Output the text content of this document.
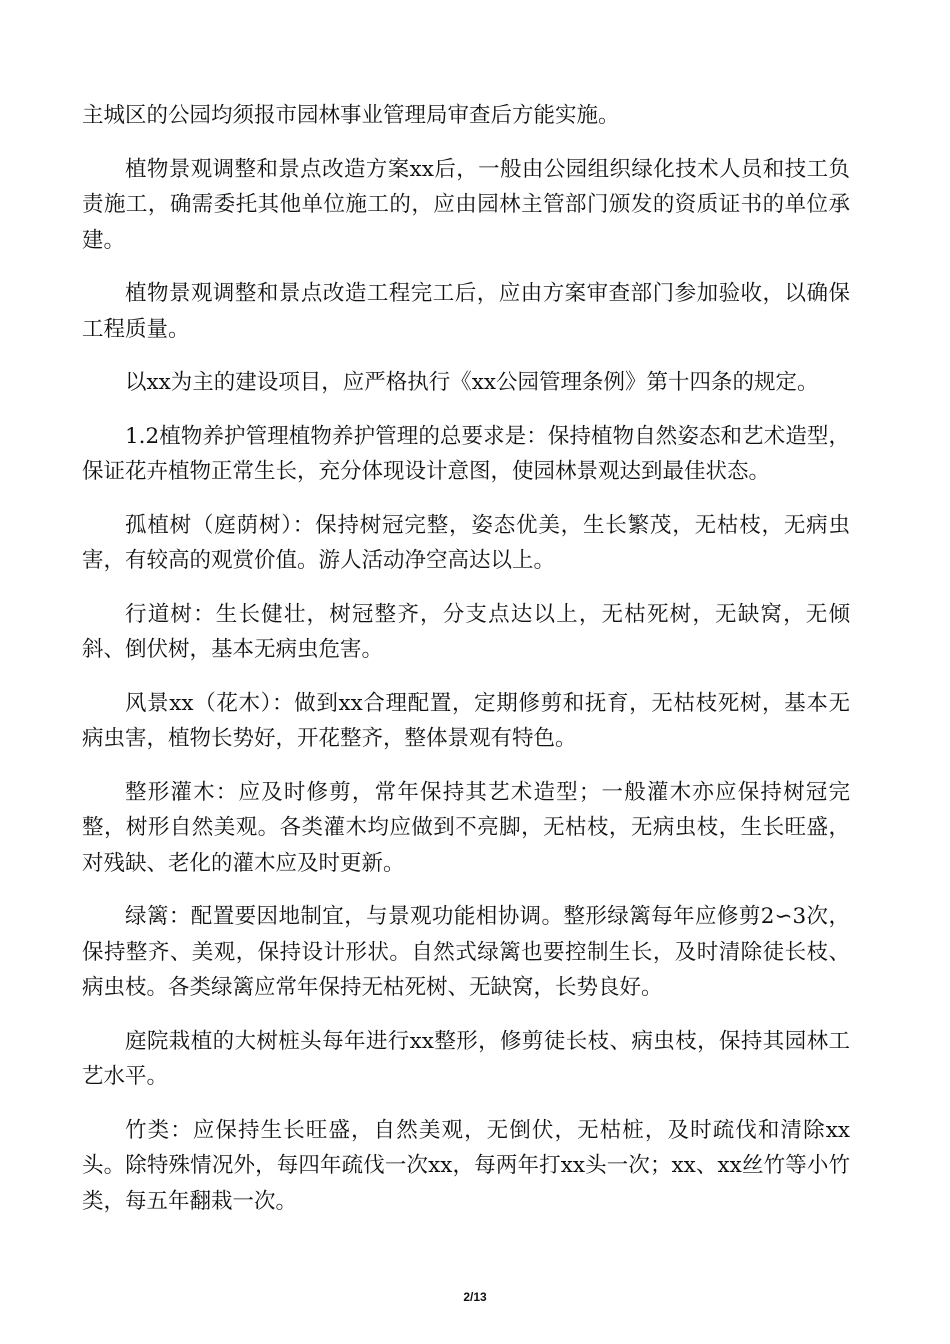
主城区的公园均须报市园林事业管理局审查后方能实施。

植物景观调整和景点改造方案xx后，一般由公园组织绿化技术人员和技工负责施工，确需委托其他单位施工的，应由园林主管部门颁发的资质证书的单位承建。

植物景观调整和景点改造工程完工后，应由方案审查部门参加验收，以确保工程质量。

以xx为主的建设项目，应严格执行《xx公园管理条例》第十四条的规定。

1.2植物养护管理植物养护管理的总要求是：保持植物自然姿态和艺术造型，保证花卉植物正常生长，充分体现设计意图，使园林景观达到最佳状态。

孤植树（庭荫树）：保持树冠完整，姿态优美，生长繁茂，无枯枝，无病虫害，有较高的观赏价值。游人活动净空高达以上。

行道树：生长健壮，树冠整齐，分支点达以上，无枯死树，无缺窝，无倾斜、倒伏树，基本无病虫危害。

风景xx（花木）：做到xx合理配置，定期修剪和抚育，无枯枝死树，基本无病虫害，植物长势好，开花整齐，整体景观有特色。

整形灌木：应及时修剪，常年保持其艺术造型；一般灌木亦应保持树冠完整，树形自然美观。各类灌木均应做到不亮脚，无枯枝，无病虫枝，生长旺盛，对残缺、老化的灌木应及时更新。

绿篱：配置要因地制宜，与景观功能相协调。整形绿篱每年应修剪2∽3次，保持整齐、美观，保持设计形状。自然式绿篱也要控制生长，及时清除徒长枝、病虫枝。各类绿篱应常年保持无枯死树、无缺窝，长势良好。

庭院栽植的大树桩头每年进行xx整形，修剪徒长枝、病虫枝，保持其园林工艺水平。

竹类：应保持生长旺盛，自然美观，无倒伏，无枯桩，及时疏伐和清除xx头。除特殊情况外，每四年疏伐一次xx，每两年打xx头一次；xx、xx丝竹等小竹类，每五年翻栽一次。

2/13
